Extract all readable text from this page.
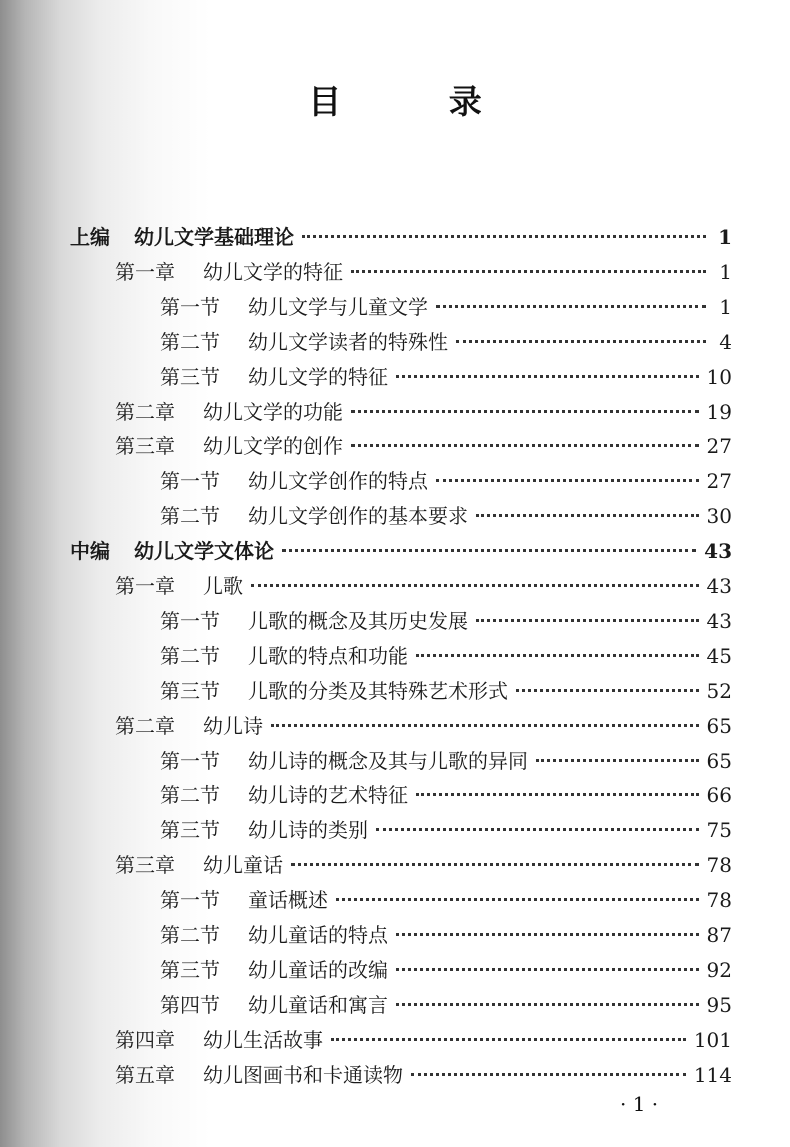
目 录
上编 幼儿文学基础理论	1
第一章 幼儿文学的特征	1
第一节 幼儿文学与儿童文学	1
第二节 幼儿文学读者的特殊性	4
第三节 幼儿文学的特征	10
第二章 幼儿文学的功能	19
第三章 幼儿文学的创作	27
第一节 幼儿文学创作的特点	27
第二节 幼儿文学创作的基本要求	30
中编 幼儿文学文体论	43
第一章 儿歌	43
第一节 儿歌的概念及其历史发展	43
第二节 儿歌的特点和功能	45
第三节 儿歌的分类及其特殊艺术形式	52
第二章 幼儿诗	65
第一节 幼儿诗的概念及其与儿歌的异同	65
第二节 幼儿诗的艺术特征	66
第三节 幼儿诗的类别	75
第三章 幼儿童话	78
第一节 童话概述	78
第二节 幼儿童话的特点	87
第三节 幼儿童话的改编	92
第四节 幼儿童话和寓言	95
第四章 幼儿生活故事	101
第五章 幼儿图画书和卡通读物	114
· 1 ·
